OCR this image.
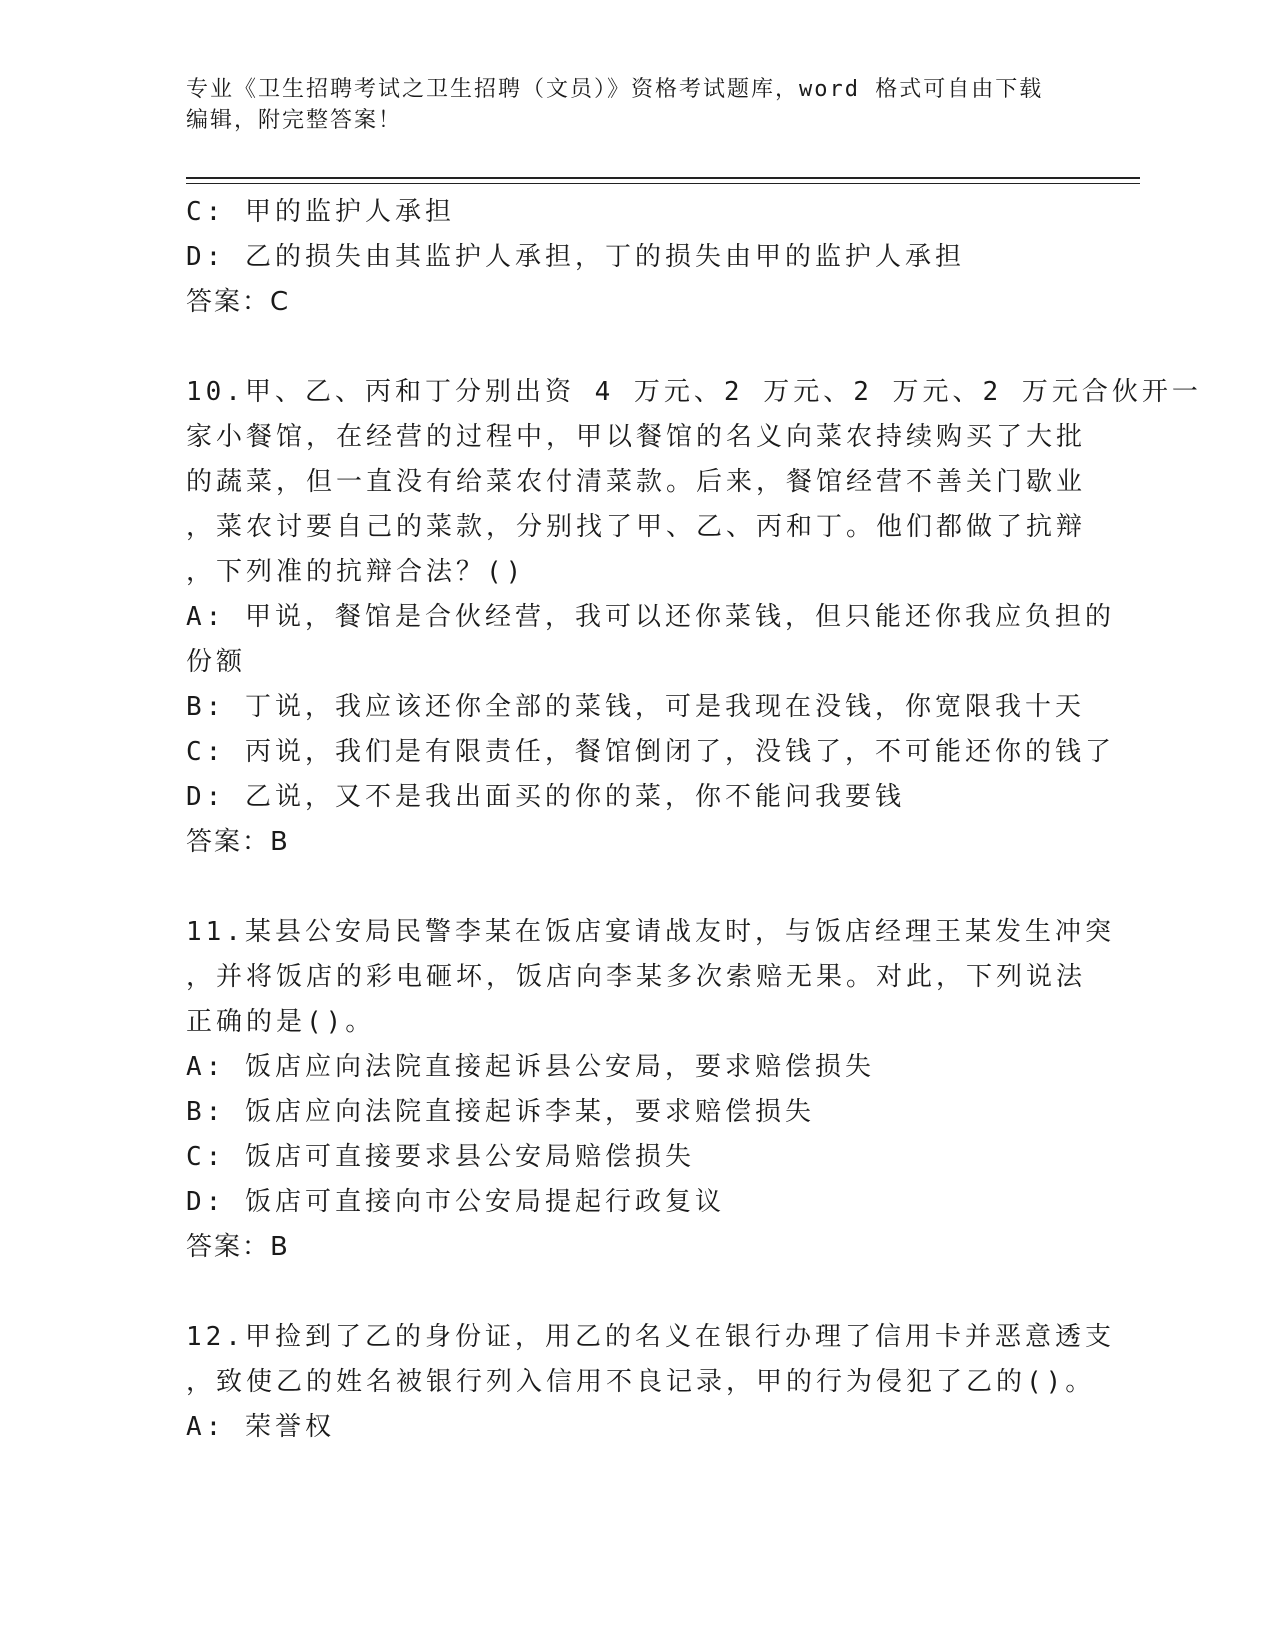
专业《卫生招聘考试之卫生招聘（文员）》资格考试题库，word 格式可自由下载
编辑，附完整答案！
C: 甲的监护人承担
D: 乙的损失由其监护人承担，丁的损失由甲的监护人承担
答案：C
10.甲、乙、丙和丁分别出资 4 万元、2 万元、2 万元、2 万元合伙开一
家小餐馆，在经营的过程中，甲以餐馆的名义向菜农持续购买了大批
的蔬菜，但一直没有给菜农付清菜款。后来，餐馆经营不善关门歇业
，菜农讨要自己的菜款，分别找了甲、乙、丙和丁。他们都做了抗辩
，下列准的抗辩合法？()
A: 甲说，餐馆是合伙经营，我可以还你菜钱，但只能还你我应负担的
份额
B: 丁说，我应该还你全部的菜钱，可是我现在没钱，你宽限我十天
C: 丙说，我们是有限责任，餐馆倒闭了，没钱了，不可能还你的钱了
D: 乙说，又不是我出面买的你的菜，你不能问我要钱
答案：B
11.某县公安局民警李某在饭店宴请战友时，与饭店经理王某发生冲突
，并将饭店的彩电砸坏，饭店向李某多次索赔无果。对此，下列说法
正确的是()。
A: 饭店应向法院直接起诉县公安局，要求赔偿损失
B: 饭店应向法院直接起诉李某，要求赔偿损失
C: 饭店可直接要求县公安局赔偿损失
D: 饭店可直接向市公安局提起行政复议
答案：B
12.甲捡到了乙的身份证，用乙的名义在银行办理了信用卡并恶意透支
，致使乙的姓名被银行列入信用不良记录，甲的行为侵犯了乙的()。
A: 荣誉权
